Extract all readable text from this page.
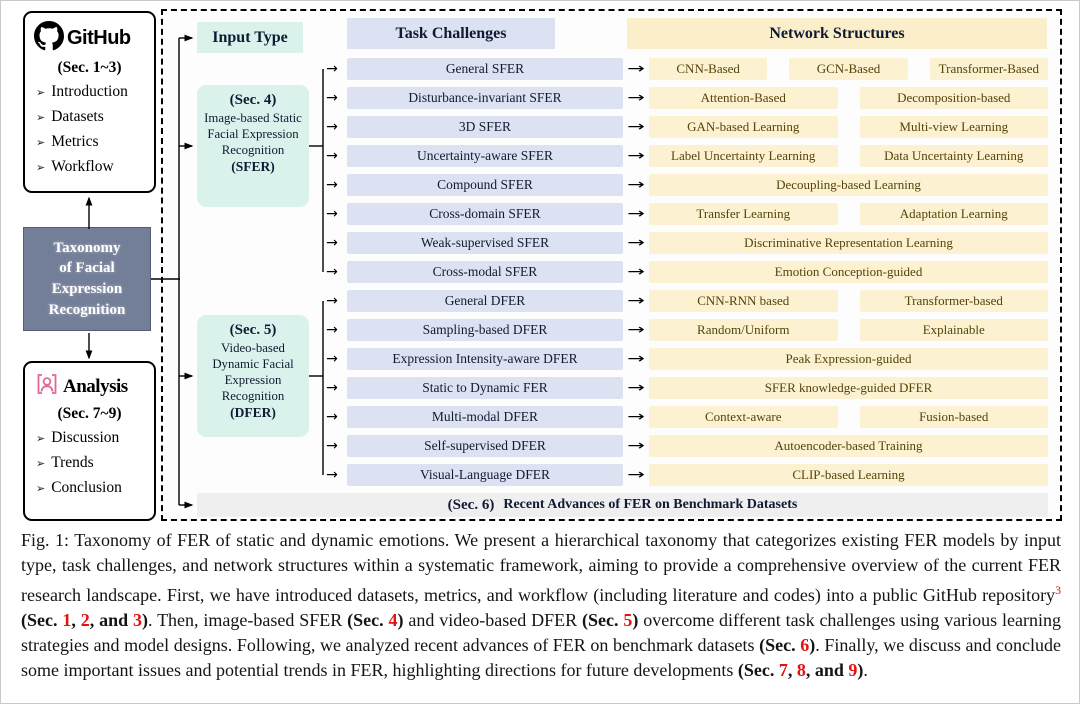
Input Type	Task Challenges	Network Structures
(Sec. 4)
Image-based Static Facial Expression Recognition
(SFER)
(Sec. 5)
Video-based Dynamic Facial Expression Recognition
(DFER)
→	General SFER	→	CNN-Based	GCN-Based	Transformer-Based
→	Disturbance-invariant SFER	→	Attention-Based	Decomposition-based
→	3D SFER	→	GAN-based Learning	Multi-view Learning
→	Uncertainty-aware SFER	→	Label Uncertainty Learning	Data Uncertainty Learning
→	Compound SFER	→	Decoupling-based Learning
→	Cross-domain SFER	→	Transfer Learning	Adaptation Learning
→	Weak-supervised SFER	→	Discriminative Representation Learning
→	Cross-modal SFER	→	Emotion Conception-guided
→	General DFER	→	CNN-RNN based	Transformer-based
→	Sampling-based DFER	→	Random/Uniform	Explainable
→	Expression Intensity-aware DFER	→	Peak Expression-guided
→	Static to Dynamic FER	→	SFER knowledge-guided DFER
→	Multi-modal DFER	→	Context-aware	Fusion-based
→	Self-supervised DFER	→	Autoencoder-based Training
→	Visual-Language DFER	→	CLIP-based Learning
(Sec. 6) Recent Advances of FER on Benchmark Datasets
GitHub
(Sec. 1~3)
➢ Introduction
➢ Datasets
➢ Metrics
➢ Workflow
Taxonomy
of Facial
Expression
Recognition
Analysis
(Sec. 7~9)
➢ Discussion
➢ Trends
➢ Conclusion

Fig. 1: Taxonomy of FER of static and dynamic emotions. We present a hierarchical taxonomy that categorizes existing FER models by input type, task challenges, and network structures within a systematic framework, aiming to provide a comprehensive overview of the current FER research landscape. First, we have introduced datasets, metrics, and workflow (including literature and codes) into a public GitHub repository$^3$ (Sec. 1, 2, and 3). Then, image-based SFER (Sec. 4) and video-based DFER (Sec. 5) overcome different task challenges using various learning strategies and model designs. Following, we analyzed recent advances of FER on benchmark datasets (Sec. 6). Finally, we discuss and conclude some important issues and potential trends in FER, highlighting directions for future developments (Sec. 7, 8, and 9).
